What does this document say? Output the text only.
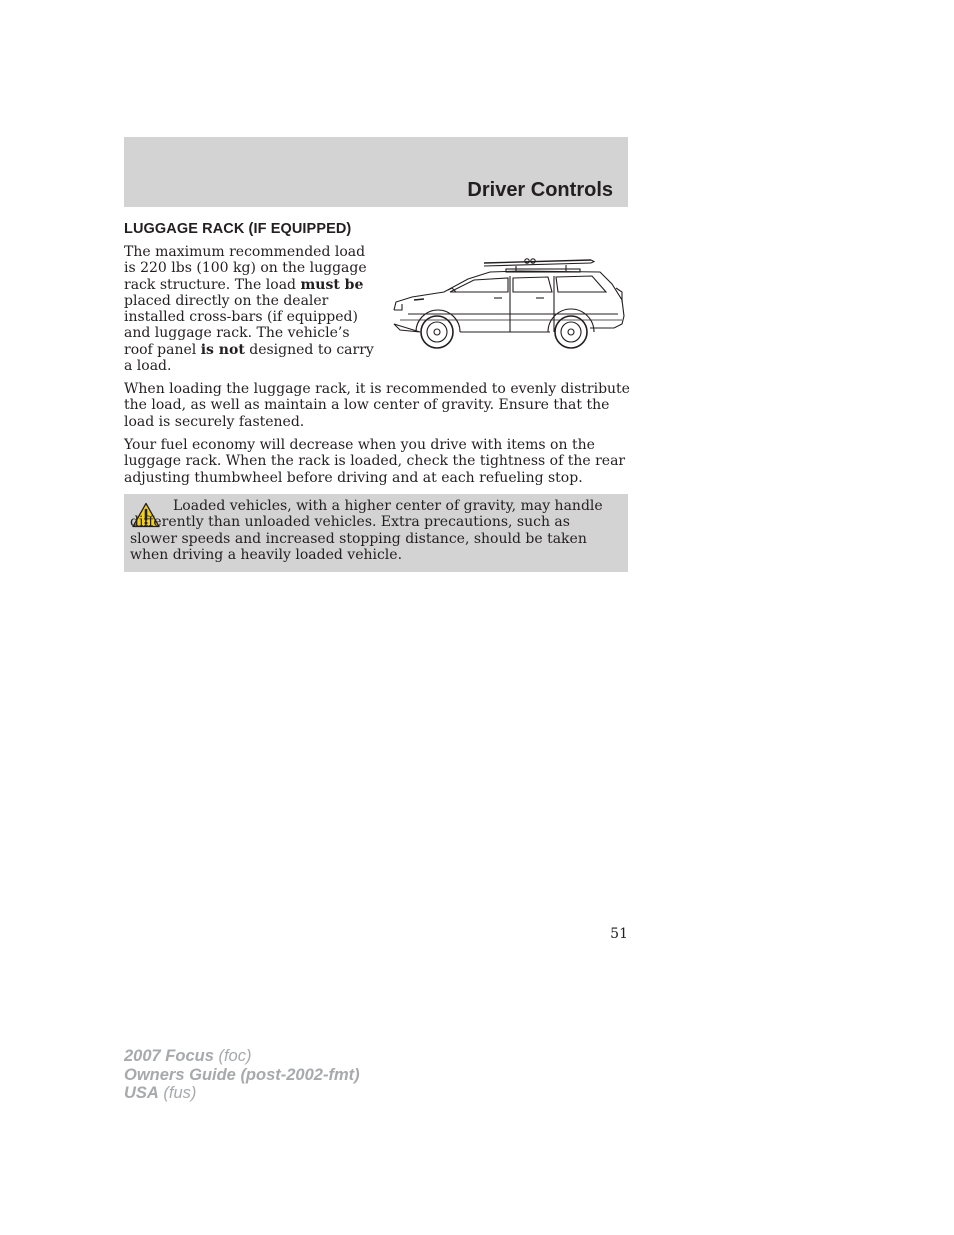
Driver Controls
LUGGAGE RACK (IF EQUIPPED)

The maximum recommended load is 220 lbs (100 kg) on the luggage rack structure. The load must be placed directly on the dealer installed cross-bars (if equipped) and luggage rack. The vehicle’s roof panel is not designed to carry a load.

When loading the luggage rack, it is recommended to evenly distribute the load, as well as maintain a low center of gravity. Ensure that the load is securely fastened.

Your fuel economy will decrease when you drive with items on the luggage rack. When the rack is loaded, check the tightness of the rear adjusting thumbwheel before driving and at each refueling stop.

Loaded vehicles, with a higher center of gravity, may handle differently than unloaded vehicles. Extra precautions, such as slower speeds and increased stopping distance, should be taken when driving a heavily loaded vehicle.

51

2007 Focus (foc)
Owners Guide (post-2002-fmt)
USA (fus)
